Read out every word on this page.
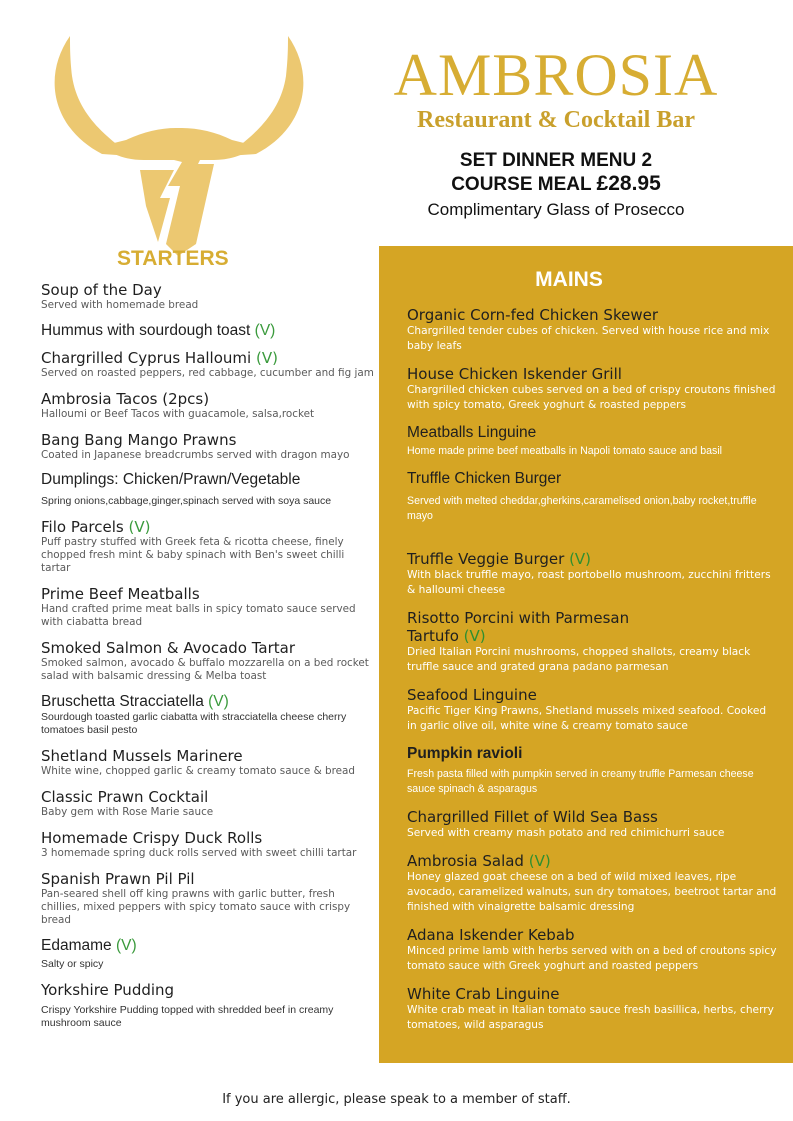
AMBROSIA
Restaurant & Cocktail Bar
SET DINNER MENU 2
COURSE MEAL £28.95
Complimentary Glass of Prosecco
STARTERS
Soup of the Day
Served with homemade bread
Hummus with sourdough toast (V)
Chargrilled Cyprus Halloumi (V)
Served on roasted peppers, red cabbage, cucumber and fig jam
Ambrosia Tacos (2pcs)
Halloumi or Beef Tacos with guacamole, salsa,rocket
Bang Bang Mango Prawns
Coated in Japanese breadcrumbs served with dragon mayo
Dumplings: Chicken/Prawn/Vegetable
Spring onions,cabbage,ginger,spinach served with soya sauce
Filo Parcels (V)
Puff pastry stuffed with Greek feta & ricotta cheese, finely chopped fresh mint & baby spinach with Ben's sweet chilli tartar
Prime Beef Meatballs
Hand crafted prime meat balls in spicy tomato sauce served with ciabatta bread
Smoked Salmon & Avocado Tartar
Smoked salmon, avocado & buffalo mozzarella on a bed rocket salad with balsamic dressing & Melba toast
Bruschetta Stracciatella (V)
Sourdough toasted garlic ciabatta with stracciatella cheese cherry tomatoes basil pesto
Shetland Mussels Marinere
White wine, chopped garlic & creamy tomato sauce & bread
Classic Prawn Cocktail
Baby gem with Rose Marie sauce
Homemade Crispy Duck Rolls
3 homemade spring duck rolls served with sweet chilli tartar
Spanish Prawn Pil Pil
Pan-seared shell off king prawns with garlic butter, fresh chillies, mixed peppers with spicy tomato sauce with crispy bread
Edamame (V)
Salty or spicy
Yorkshire Pudding
Crispy Yorkshire Pudding topped with shredded beef in creamy mushroom sauce
MAINS
Organic Corn-fed Chicken Skewer
Chargrilled tender cubes of chicken. Served with house rice and mix baby leafs
House Chicken Iskender Grill
Chargrilled chicken cubes served on a bed of crispy croutons finished with spicy tomato, Greek yoghurt & roasted peppers
Meatballs Linguine
Home made prime beef meatballs in Napoli tomato sauce and basil
Truffle Chicken Burger
Served with melted cheddar,gherkins,caramelised onion,baby rocket,truffle mayo
Truffle Veggie Burger (V)
With black truffle mayo, roast portobello mushroom, zucchini fritters & halloumi cheese
Risotto Porcini with Parmesan Tartufo (V)
Dried Italian Porcini mushrooms, chopped shallots, creamy black truffle sauce and grated grana padano parmesan
Seafood Linguine
Pacific Tiger King Prawns, Shetland mussels mixed seafood. Cooked in garlic olive oil, white wine & creamy tomato sauce
Pumpkin ravioli
Fresh pasta filled with pumpkin served in creamy truffle Parmesan cheese sauce spinach & asparagus
Chargrilled Fillet of Wild Sea Bass
Served with creamy mash potato and red chimichurri sauce
Ambrosia Salad (V)
Honey glazed goat cheese on a bed of wild mixed leaves, ripe avocado, caramelized walnuts, sun dry tomatoes, beetroot tartar and finished with vinaigrette balsamic dressing
Adana Iskender Kebab
Minced prime lamb with herbs served with on a bed of croutons spicy tomato sauce with Greek yoghurt and roasted peppers
White Crab Linguine
White crab meat in Italian tomato sauce fresh basillica, herbs, cherry tomatoes, wild asparagus
If you are allergic, please speak to a member of staff.
